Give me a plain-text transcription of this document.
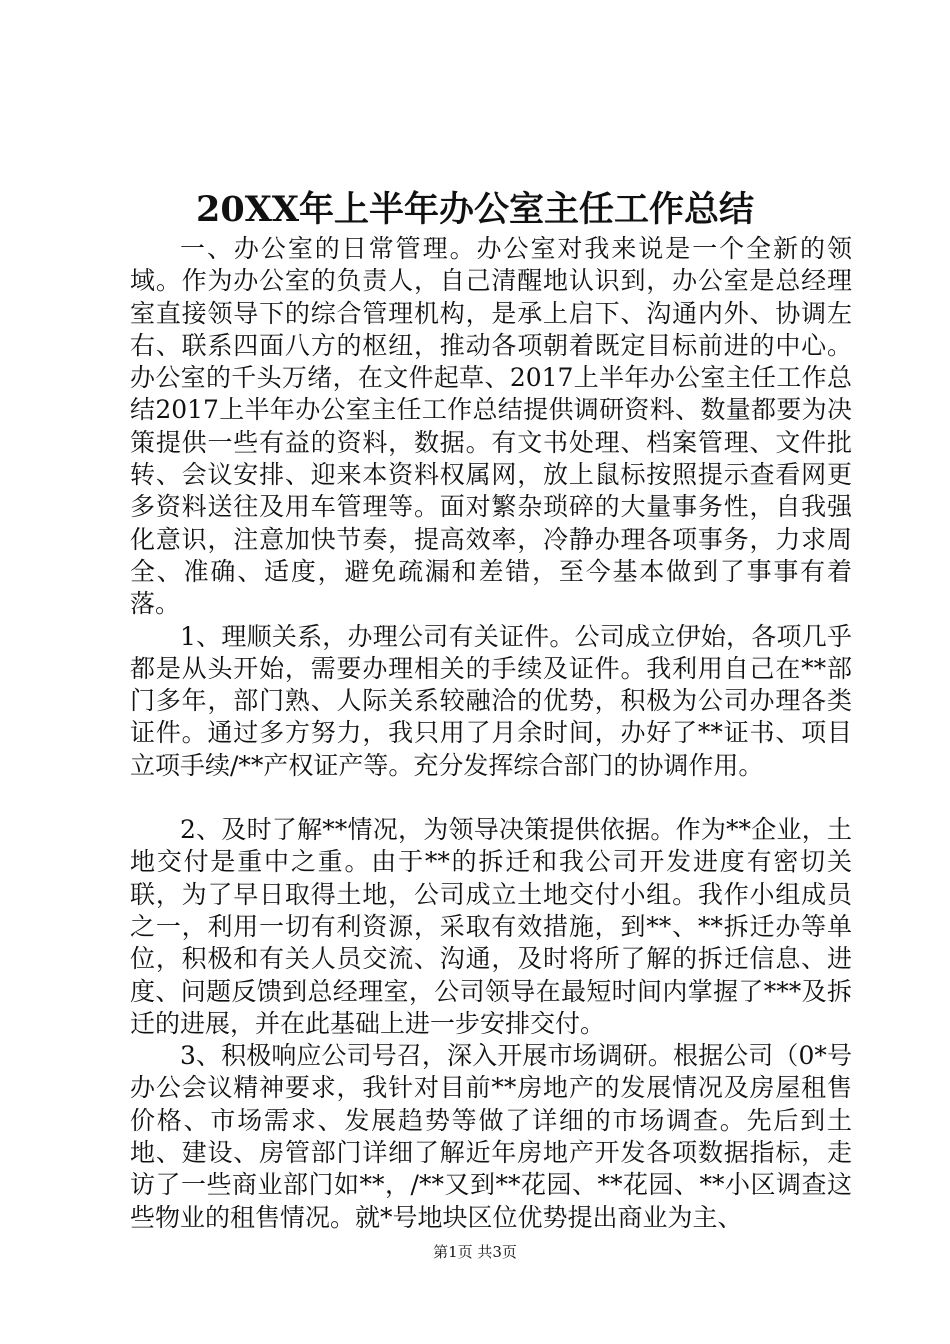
20XX年上半年办公室主任工作总结

一、办公室的日常管理。办公室对我来说是一个全新的领域。作为办公室的负责人，自己清醒地认识到，办公室是总经理室直接领导下的综合管理机构，是承上启下、沟通内外、协调左右、联系四面八方的枢纽，推动各项朝着既定目标前进的中心。办公室的千头万绪，在文件起草、2017上半年办公室主任工作总结2017上半年办公室主任工作总结提供调研资料、数量都要为决策提供一些有益的资料，数据。有文书处理、档案管理、文件批转、会议安排、迎来本资料权属网，放上鼠标按照提示查看网更多资料送往及用车管理等。面对繁杂琐碎的大量事务性，自我强化意识，注意加快节奏，提高效率，冷静办理各项事务，力求周全、准确、适度，避免疏漏和差错，至今基本做到了事事有着落。

1、理顺关系，办理公司有关证件。公司成立伊始，各项几乎都是从头开始，需要办理相关的手续及证件。我利用自己在**部门多年，部门熟、人际关系较融洽的优势，积极为公司办理各类证件。通过多方努力，我只用了月余时间，办好了**证书、项目立项手续/**产权证产等。充分发挥综合部门的协调作用。

2、及时了解**情况，为领导决策提供依据。作为**企业，土地交付是重中之重。由于**的拆迁和我公司开发进度有密切关联，为了早日取得土地，公司成立土地交付小组。我作小组成员之一，利用一切有利资源，采取有效措施，到**、**拆迁办等单位，积极和有关人员交流、沟通，及时将所了解的拆迁信息、进度、问题反馈到总经理室，公司领导在最短时间内掌握了***及拆迁的进展，并在此基础上进一步安排交付。

3、积极响应公司号召，深入开展市场调研。根据公司（0*号办公会议精神要求，我针对目前**房地产的发展情况及房屋租售价格、市场需求、发展趋势等做了详细的市场调查。先后到土地、建设、房管部门详细了解近年房地产开发各项数据指标，走访了一些商业部门如**，/**又到**花园、**花园、**小区调查这些物业的租售情况。就*号地块区位优势提出商业为主、

第1页 共3页
